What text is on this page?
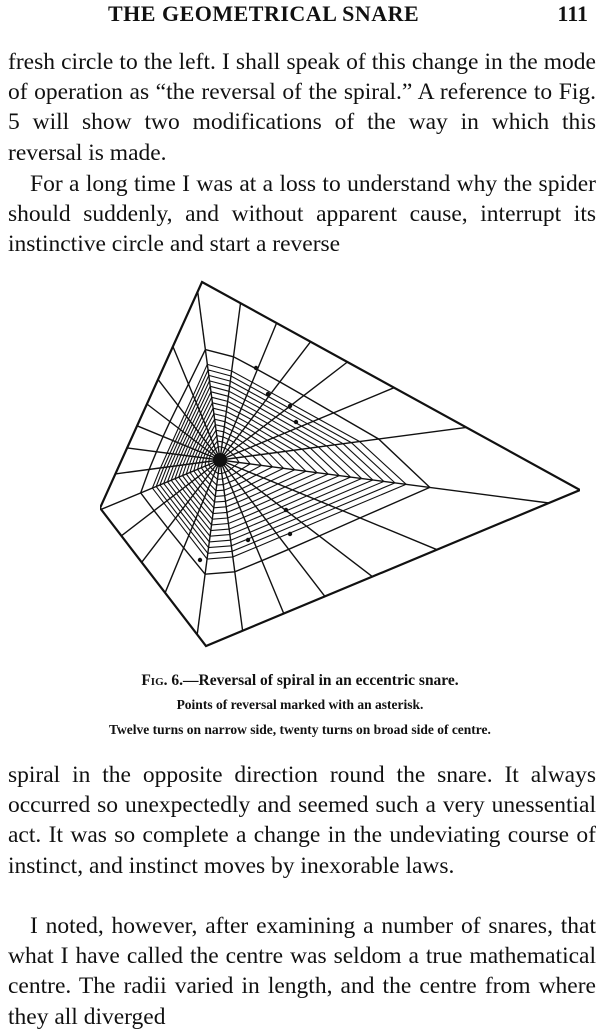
THE GEOMETRICAL SNARE	111

fresh circle to the left. I shall speak of this change in the mode of operation as “the reversal of the spiral.” A reference to Fig. 5 will show two modifications of the way in which this reversal is made.

For a long time I was at a loss to understand why the spider should suddenly, and without apparent cause, interrupt its instinctive circle and start a reverse

Fig. 6.—Reversal of spiral in an eccentric snare.

Points of reversal marked with an asterisk.

Twelve turns on narrow side, twenty turns on broad side of centre.

spiral in the opposite direction round the snare. It always occurred so unexpectedly and seemed such a very unessential act. It was so complete a change in the undeviating course of instinct, and instinct moves by inexorable laws.

I noted, however, after examining a number of snares, that what I have called the centre was seldom a true mathematical centre. The radii varied in length, and the centre from where they all diverged
